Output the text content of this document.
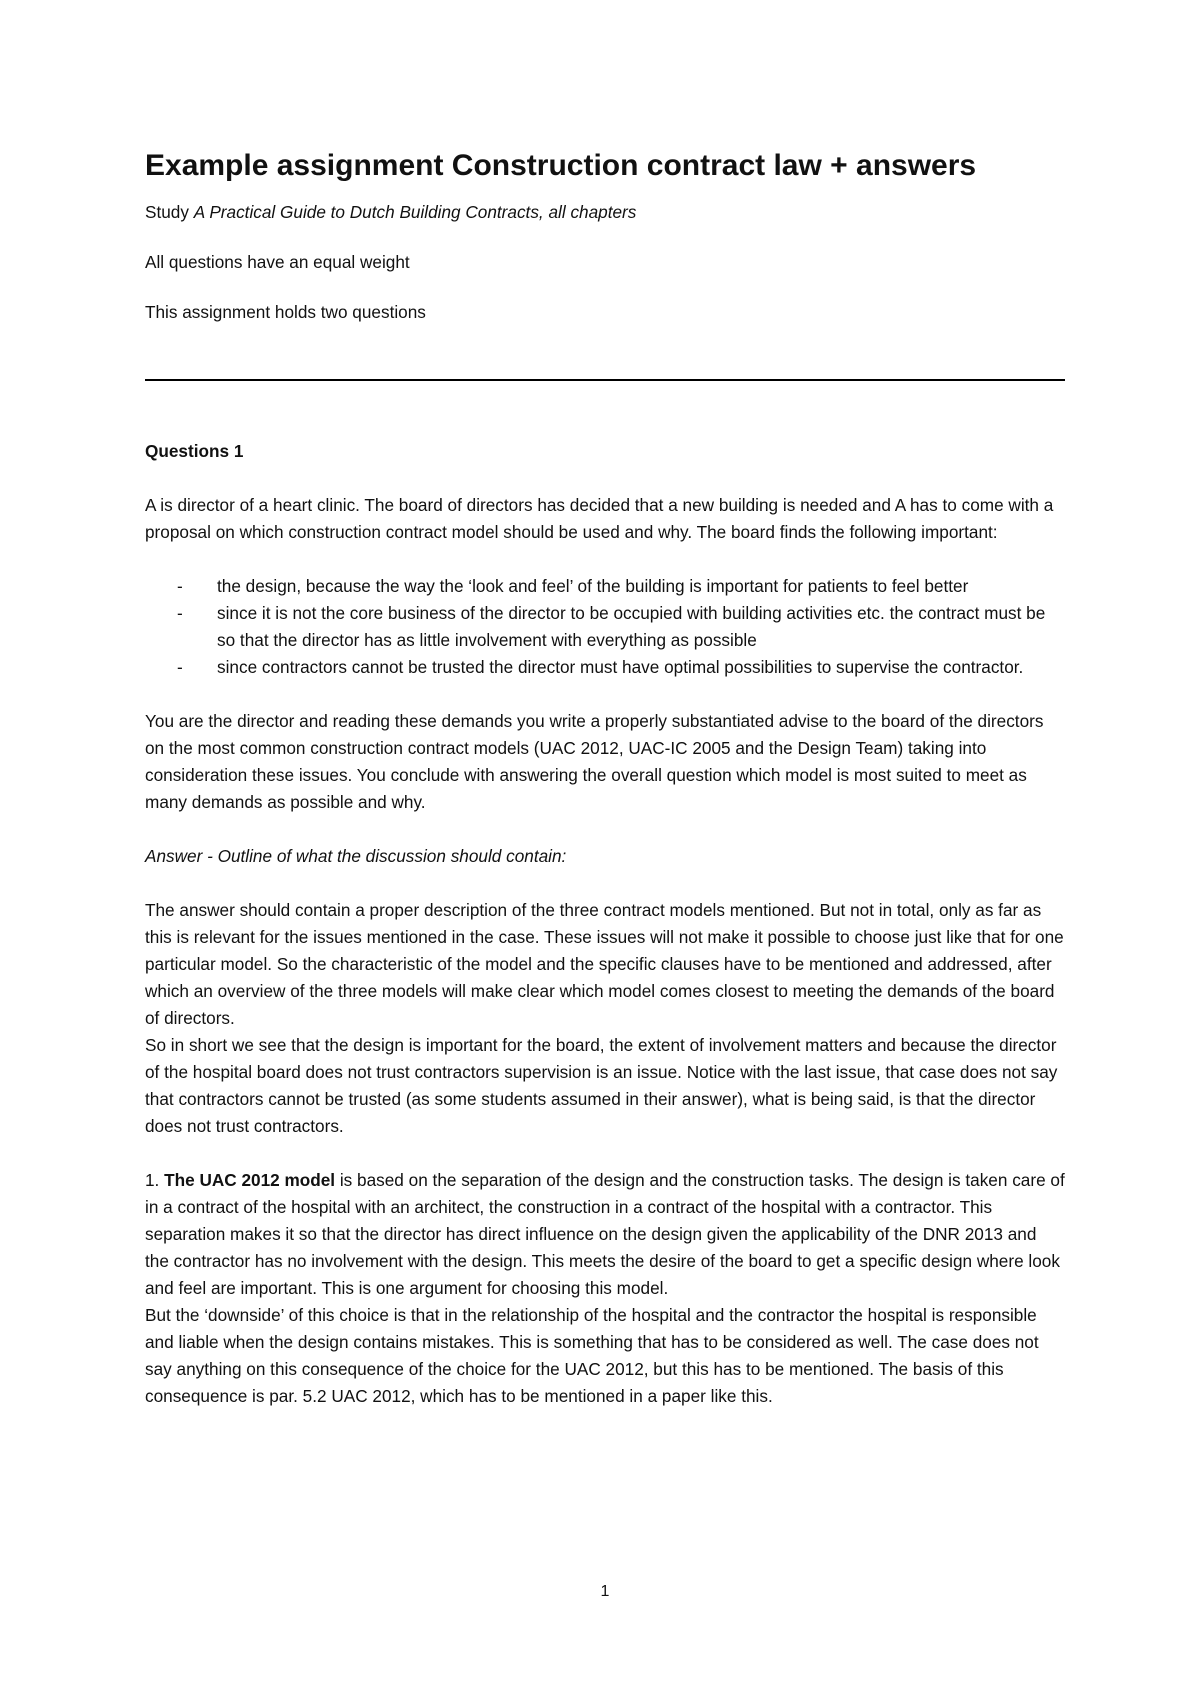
Example assignment Construction contract law + answers

Study A Practical Guide to Dutch Building Contracts, all chapters

All questions have an equal weight

This assignment holds two questions

Questions 1

A is director of a heart clinic. The board of directors has decided that a new building is needed and A has to come with a proposal on which construction contract model should be used and why. The board finds the following important:

- the design, because the way the ‘look and feel’ of the building is important for patients to feel better
- since it is not the core business of the director to be occupied with building activities etc. the contract must be so that the director has as little involvement with everything as possible
- since contractors cannot be trusted the director must have optimal possibilities to supervise the contractor.

You are the director and reading these demands you write a properly substantiated advise to the board of the directors on the most common construction contract models (UAC 2012, UAC-IC 2005 and the Design Team) taking into consideration these issues. You conclude with answering the overall question which model is most suited to meet as many demands as possible and why.

Answer - Outline of what the discussion should contain:

The answer should contain a proper description of the three contract models mentioned. But not in total, only as far as this is relevant for the issues mentioned in the case. These issues will not make it possible to choose just like that for one particular model. So the characteristic of the model and the specific clauses have to be mentioned and addressed, after which an overview of the three models will make clear which model comes closest to meeting the demands of the board of directors.

So in short we see that the design is important for the board, the extent of involvement matters and because the director of the hospital board does not trust contractors supervision is an issue. Notice with the last issue, that case does not say that contractors cannot be trusted (as some students assumed in their answer), what is being said, is that the director does not trust contractors.

1. The UAC 2012 model is based on the separation of the design and the construction tasks. The design is taken care of in a contract of the hospital with an architect, the construction in a contract of the hospital with a contractor. This separation makes it so that the director has direct influence on the design given the applicability of the DNR 2013 and the contractor has no involvement with the design. This meets the desire of the board to get a specific design where look and feel are important. This is one argument for choosing this model.

But the ‘downside’ of this choice is that in the relationship of the hospital and the contractor the hospital is responsible and liable when the design contains mistakes. This is something that has to be considered as well. The case does not say anything on this consequence of the choice for the UAC 2012, but this has to be mentioned. The basis of this consequence is par. 5.2 UAC 2012, which has to be mentioned in a paper like this.

1
